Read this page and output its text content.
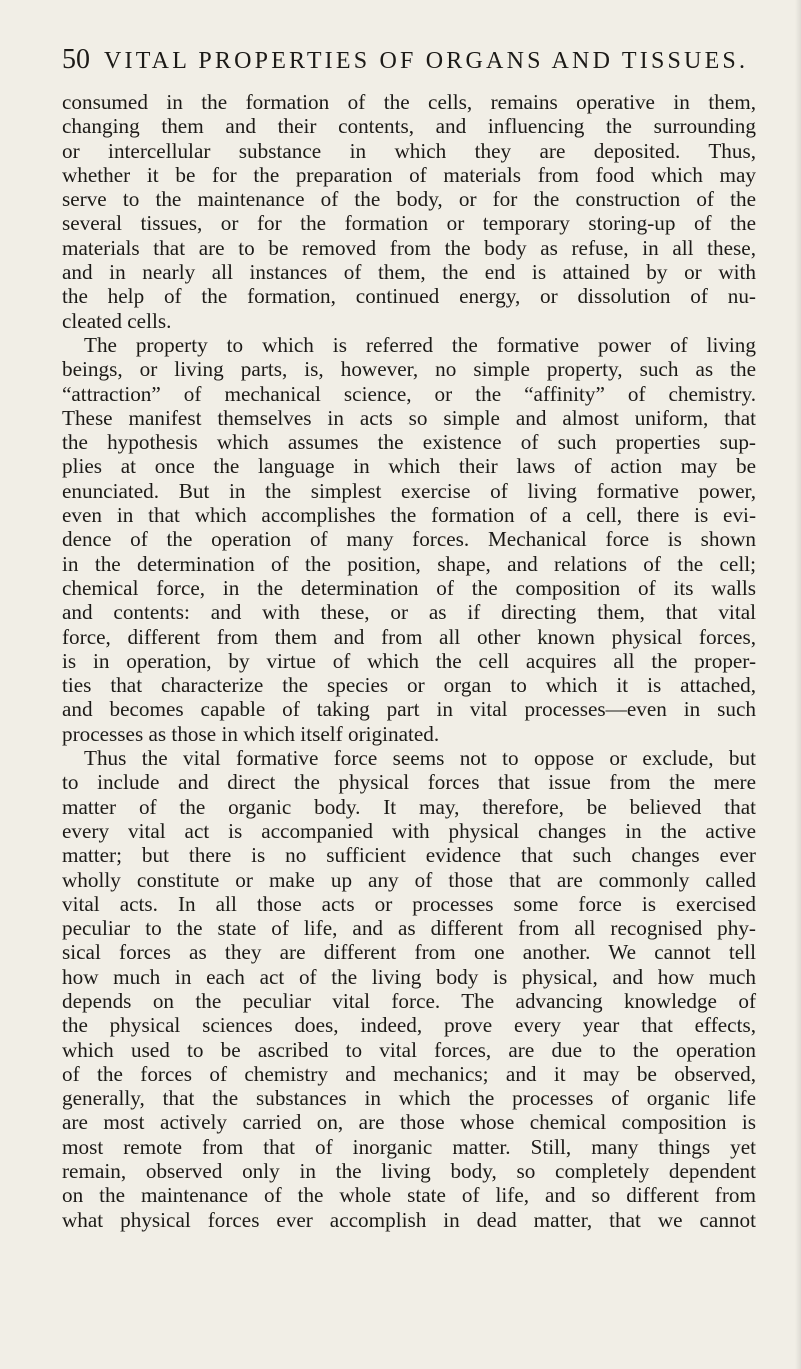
50 VITAL PROPERTIES OF ORGANS AND TISSUES.
consumed in the formation of the cells, remains operative in them,
changing them and their contents, and influencing the surrounding
or intercellular substance in which they are deposited. Thus,
whether it be for the preparation of materials from food which may
serve to the maintenance of the body, or for the construction of the
several tissues, or for the formation or temporary storing-up of the
materials that are to be removed from the body as refuse, in all these,
and in nearly all instances of them, the end is attained by or with
the help of the formation, continued energy, or dissolution of nu-
cleated cells.
The property to which is referred the formative power of living
beings, or living parts, is, however, no simple property, such as the
“attraction” of mechanical science, or the “affinity” of chemistry.
These manifest themselves in acts so simple and almost uniform, that
the hypothesis which assumes the existence of such properties sup-
plies at once the language in which their laws of action may be
enunciated. But in the simplest exercise of living formative power,
even in that which accomplishes the formation of a cell, there is evi-
dence of the operation of many forces. Mechanical force is shown
in the determination of the position, shape, and relations of the cell;
chemical force, in the determination of the composition of its walls
and contents: and with these, or as if directing them, that vital
force, different from them and from all other known physical forces,
is in operation, by virtue of which the cell acquires all the proper-
ties that characterize the species or organ to which it is attached,
and becomes capable of taking part in vital processes—even in such
processes as those in which itself originated.
Thus the vital formative force seems not to oppose or exclude, but
to include and direct the physical forces that issue from the mere
matter of the organic body. It may, therefore, be believed that
every vital act is accompanied with physical changes in the active
matter; but there is no sufficient evidence that such changes ever
wholly constitute or make up any of those that are commonly called
vital acts. In all those acts or processes some force is exercised
peculiar to the state of life, and as different from all recognised phy-
sical forces as they are different from one another. We cannot tell
how much in each act of the living body is physical, and how much
depends on the peculiar vital force. The advancing knowledge of
the physical sciences does, indeed, prove every year that effects,
which used to be ascribed to vital forces, are due to the operation
of the forces of chemistry and mechanics; and it may be observed,
generally, that the substances in which the processes of organic life
are most actively carried on, are those whose chemical composition is
most remote from that of inorganic matter. Still, many things yet
remain, observed only in the living body, so completely dependent
on the maintenance of the whole state of life, and so different from
what physical forces ever accomplish in dead matter, that we cannot
